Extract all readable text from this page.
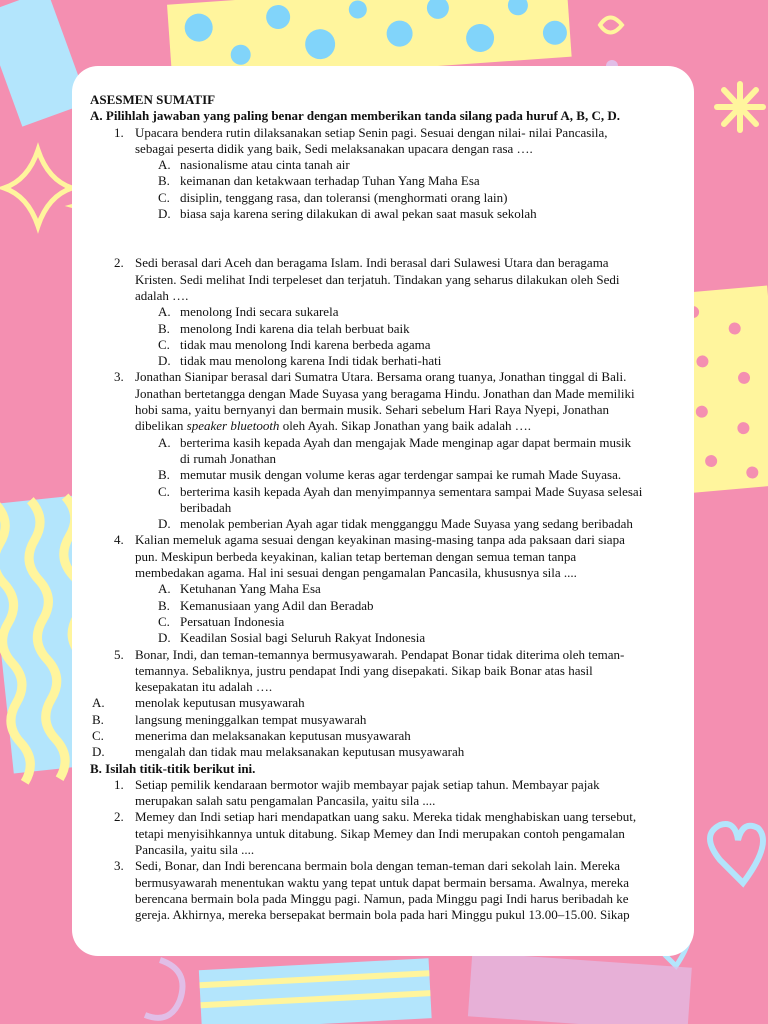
ASESMEN SUMATIF

A. Pilihlah jawaban yang paling benar dengan memberikan tanda silang pada huruf A, B, C, D.

1. Upacara bendera rutin dilaksanakan setiap Senin pagi. Sesuai dengan nilai- nilai Pancasila,

sebagai peserta didik yang baik, Sedi melaksanakan upacara dengan rasa ….

A. nasionalisme atau cinta tanah air
B. keimanan dan ketakwaan terhadap Tuhan Yang Maha Esa
C. disiplin, tenggang rasa, dan toleransi (menghormati orang lain)
D. biasa saja karena sering dilakukan di awal pekan saat masuk sekolah
2. Sedi berasal dari Aceh dan beragama Islam. Indi berasal dari Sulawesi Utara dan beragama

Kristen. Sedi melihat Indi terpeleset dan terjatuh. Tindakan yang seharus dilakukan oleh Sedi

adalah ….

A. menolong Indi secara sukarela
B. menolong Indi karena dia telah berbuat baik
C. tidak mau menolong Indi karena berbeda agama
D. tidak mau menolong karena Indi tidak berhati-hati
3. Jonathan Sianipar berasal dari Sumatra Utara. Bersama orang tuanya, Jonathan tinggal di Bali.

Jonathan bertetangga dengan Made Suyasa yang beragama Hindu. Jonathan dan Made memiliki

hobi sama, yaitu bernyanyi dan bermain musik. Sehari sebelum Hari Raya Nyepi, Jonathan

dibelikan speaker bluetooth oleh Ayah. Sikap Jonathan yang baik adalah ….

A. berterima kasih kepada Ayah dan mengajak Made menginap agar dapat bermain musik
di rumah Jonathan
B. memutar musik dengan volume keras agar terdengar sampai ke rumah Made Suyasa.
C. berterima kasih kepada Ayah dan menyimpannya sementara sampai Made Suyasa selesai
beribadah
D. menolak pemberian Ayah agar tidak mengganggu Made Suyasa yang sedang beribadah
4. Kalian memeluk agama sesuai dengan keyakinan masing-masing tanpa ada paksaan dari siapa

pun. Meskipun berbeda keyakinan, kalian tetap berteman dengan semua teman tanpa

membedakan agama. Hal ini sesuai dengan pengamalan Pancasila, khususnya sila ....

A. Ketuhanan Yang Maha Esa
B. Kemanusiaan yang Adil dan Beradab
C. Persatuan Indonesia
D. Keadilan Sosial bagi Seluruh Rakyat Indonesia
5. Bonar, Indi, dan teman-temannya bermusyawarah. Pendapat Bonar tidak diterima oleh teman-

temannya. Sebaliknya, justru pendapat Indi yang disepakati. Sikap baik Bonar atas hasil

kesepakatan itu adalah ….

A. menolak keputusan musyawarah
B. langsung meninggalkan tempat musyawarah
C. menerima dan melaksanakan keputusan musyawarah
D. mengalah dan tidak mau melaksanakan keputusan musyawarah

B. Isilah titik-titik berikut ini.

1. Setiap pemilik kendaraan bermotor wajib membayar pajak setiap tahun. Membayar pajak

merupakan salah satu pengamalan Pancasila, yaitu sila ....

2. Memey dan Indi setiap hari mendapatkan uang saku. Mereka tidak menghabiskan uang tersebut,

tetapi menyisihkannya untuk ditabung. Sikap Memey dan Indi merupakan contoh pengamalan

Pancasila, yaitu sila ....

3. Sedi, Bonar, dan Indi berencana bermain bola dengan teman-teman dari sekolah lain. Mereka

bermusyawarah menentukan waktu yang tepat untuk dapat bermain bersama. Awalnya, mereka

berencana bermain bola pada Minggu pagi. Namun, pada Minggu pagi Indi harus beribadah ke

gereja. Akhirnya, mereka bersepakat bermain bola pada hari Minggu pukul 13.00–15.00. Sikap
